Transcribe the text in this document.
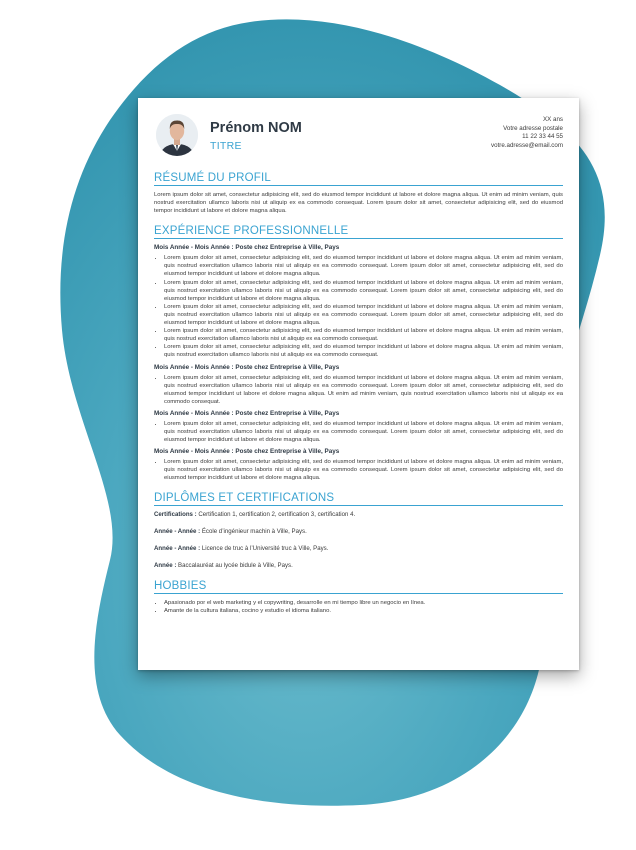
Prénom NOM
TITRE
XX ans
Votre adresse postale
11 22 33 44 55
votre.adresse@email.com
RÉSUMÉ DU PROFIL

Lorem ipsum dolor sit amet, consectetur adipisicing elit, sed do eiusmod tempor incididunt ut labore et dolore magna aliqua. Ut enim ad minim veniam, quis nostrud exercitation ullamco laboris nisi ut aliquip ex ea commodo consequat. Lorem ipsum dolor sit amet, consectetur adipisicing elit, sed do eiusmod tempor incididunt ut labore et dolore magna aliqua.

EXPÉRIENCE PROFESSIONNELLE
Mois Année - Mois Année : Poste chez Entreprise à Ville, Pays
• Lorem ipsum dolor sit amet, consectetur adipisicing elit, sed do eiusmod tempor incididunt ut labore et dolore magna aliqua. Ut enim ad minim veniam, quis nostrud exercitation ullamco laboris nisi ut aliquip ex ea commodo consequat. Lorem ipsum dolor sit amet, consectetur adipisicing elit, sed do eiusmod tempor incididunt ut labore et dolore magna aliqua.
• Lorem ipsum dolor sit amet, consectetur adipisicing elit, sed do eiusmod tempor incididunt ut labore et dolore magna aliqua. Ut enim ad minim veniam, quis nostrud exercitation ullamco laboris nisi ut aliquip ex ea commodo consequat. Lorem ipsum dolor sit amet, consectetur adipisicing elit, sed do eiusmod tempor incididunt ut labore et dolore magna aliqua.
• Lorem ipsum dolor sit amet, consectetur adipisicing elit, sed do eiusmod tempor incididunt ut labore et dolore magna aliqua. Ut enim ad minim veniam, quis nostrud exercitation ullamco laboris nisi ut aliquip ex ea commodo consequat. Lorem ipsum dolor sit amet, consectetur adipisicing elit, sed do eiusmod tempor incididunt ut labore et dolore magna aliqua.
• Lorem ipsum dolor sit amet, consectetur adipisicing elit, sed do eiusmod tempor incididunt ut labore et dolore magna aliqua. Ut enim ad minim veniam, quis nostrud exercitation ullamco laboris nisi ut aliquip ex ea commodo consequat.
• Lorem ipsum dolor sit amet, consectetur adipisicing elit, sed do eiusmod tempor incididunt ut labore et dolore magna aliqua. Ut enim ad minim veniam, quis nostrud exercitation ullamco laboris nisi ut aliquip ex ea commodo consequat.
Mois Année - Mois Année : Poste chez Entreprise à Ville, Pays
• Lorem ipsum dolor sit amet, consectetur adipisicing elit, sed do eiusmod tempor incididunt ut labore et dolore magna aliqua. Ut enim ad minim veniam, quis nostrud exercitation ullamco laboris nisi ut aliquip ex ea commodo consequat. Lorem ipsum dolor sit amet, consectetur adipisicing elit, sed do eiusmod tempor incididunt ut labore et dolore magna aliqua. Ut enim ad minim veniam, quis nostrud exercitation ullamco laboris nisi ut aliquip ex ea commodo consequat.
Mois Année - Mois Année : Poste chez Entreprise à Ville, Pays
• Lorem ipsum dolor sit amet, consectetur adipisicing elit, sed do eiusmod tempor incididunt ut labore et dolore magna aliqua. Ut enim ad minim veniam, quis nostrud exercitation ullamco laboris nisi ut aliquip ex ea commodo consequat. Lorem ipsum dolor sit amet, consectetur adipisicing elit, sed do eiusmod tempor incididunt ut labore et dolore magna aliqua.
Mois Année - Mois Année : Poste chez Entreprise à Ville, Pays
• Lorem ipsum dolor sit amet, consectetur adipisicing elit, sed do eiusmod tempor incididunt ut labore et dolore magna aliqua. Ut enim ad minim veniam, quis nostrud exercitation ullamco laboris nisi ut aliquip ex ea commodo consequat. Lorem ipsum dolor sit amet, consectetur adipisicing elit, sed do eiusmod tempor incididunt ut labore et dolore magna aliqua.
DIPLÔMES ET CERTIFICATIONS
Certifications : Certification 1, certification 2, certification 3, certification 4.
Année - Année : École d’ingénieur machin à Ville, Pays.
Année - Année : Licence de truc à l’Université truc à Ville, Pays.
Année : Baccalauréat au lycée bidule à Ville, Pays.
HOBBIES
• Apasionado por el web marketing y el copywriting, desarrolle en mi tiempo libre un negocio en línea.
• Amante de la cultura italiana, cocino y estudio el idioma italiano.
